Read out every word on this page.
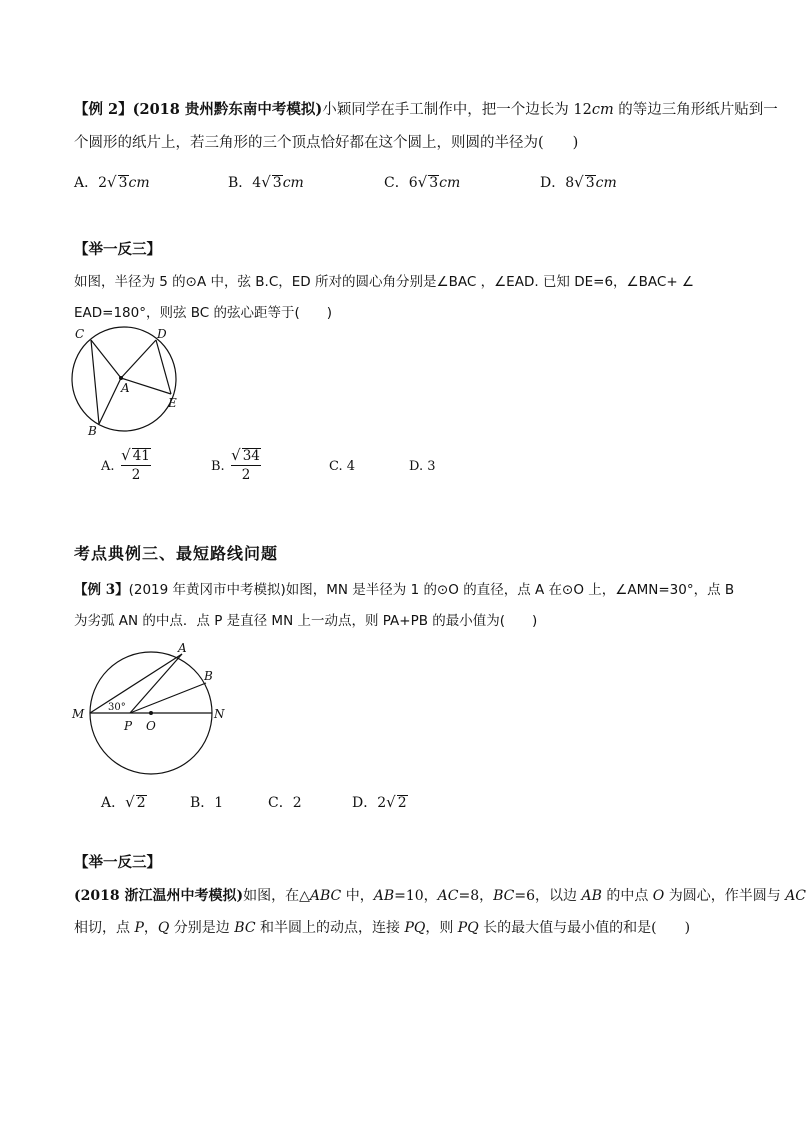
【例 2】(2018 贵州黔东南中考模拟)小颖同学在手工制作中，把一个边长为 12cm 的等边三角形纸片贴到一
个圆形的纸片上，若三角形的三个顶点恰好都在这个圆上，则圆的半径为(　　)
A．2√ 3cm	B．4√ 3cm	C．6√ 3cm	D．8√ 3cm
【举一反三】
如图，半径为 5 的⊙A 中，弦 B.C，ED 所对的圆心角分别是∠BAC ，∠EAD. 已知 DE=6，∠BAC+ ∠
EAD=180°，则弦 BC 的弦心距等于(　　)
C	D
A
E
B
A.
√ 41
2
B.
√ 34
2
C. 4	D. 3
考点典例三、最短路线问题
【例 3】(2019 年黄冈市中考模拟)如图，MN 是半径为 1 的⊙O 的直径，点 A 在⊙O 上，∠AMN=30°，点 B
为劣弧 AN 的中点．点 P 是直径 MN 上一动点，则 PA+PB 的最小值为(　　)
A
B
M	N
P O
30°
A．√ 2	B．1	C．2	D．2√ 2
【举一反三】
(2018 浙江温州中考模拟)如图，在△ABC 中，AB=10，AC=8，BC=6，以边 AB 的中点 O 为圆心，作半圆与 AC
相切，点 P，Q 分别是边 BC 和半圆上的动点，连接 PQ，则 PQ 长的最大值与最小值的和是(　　)
